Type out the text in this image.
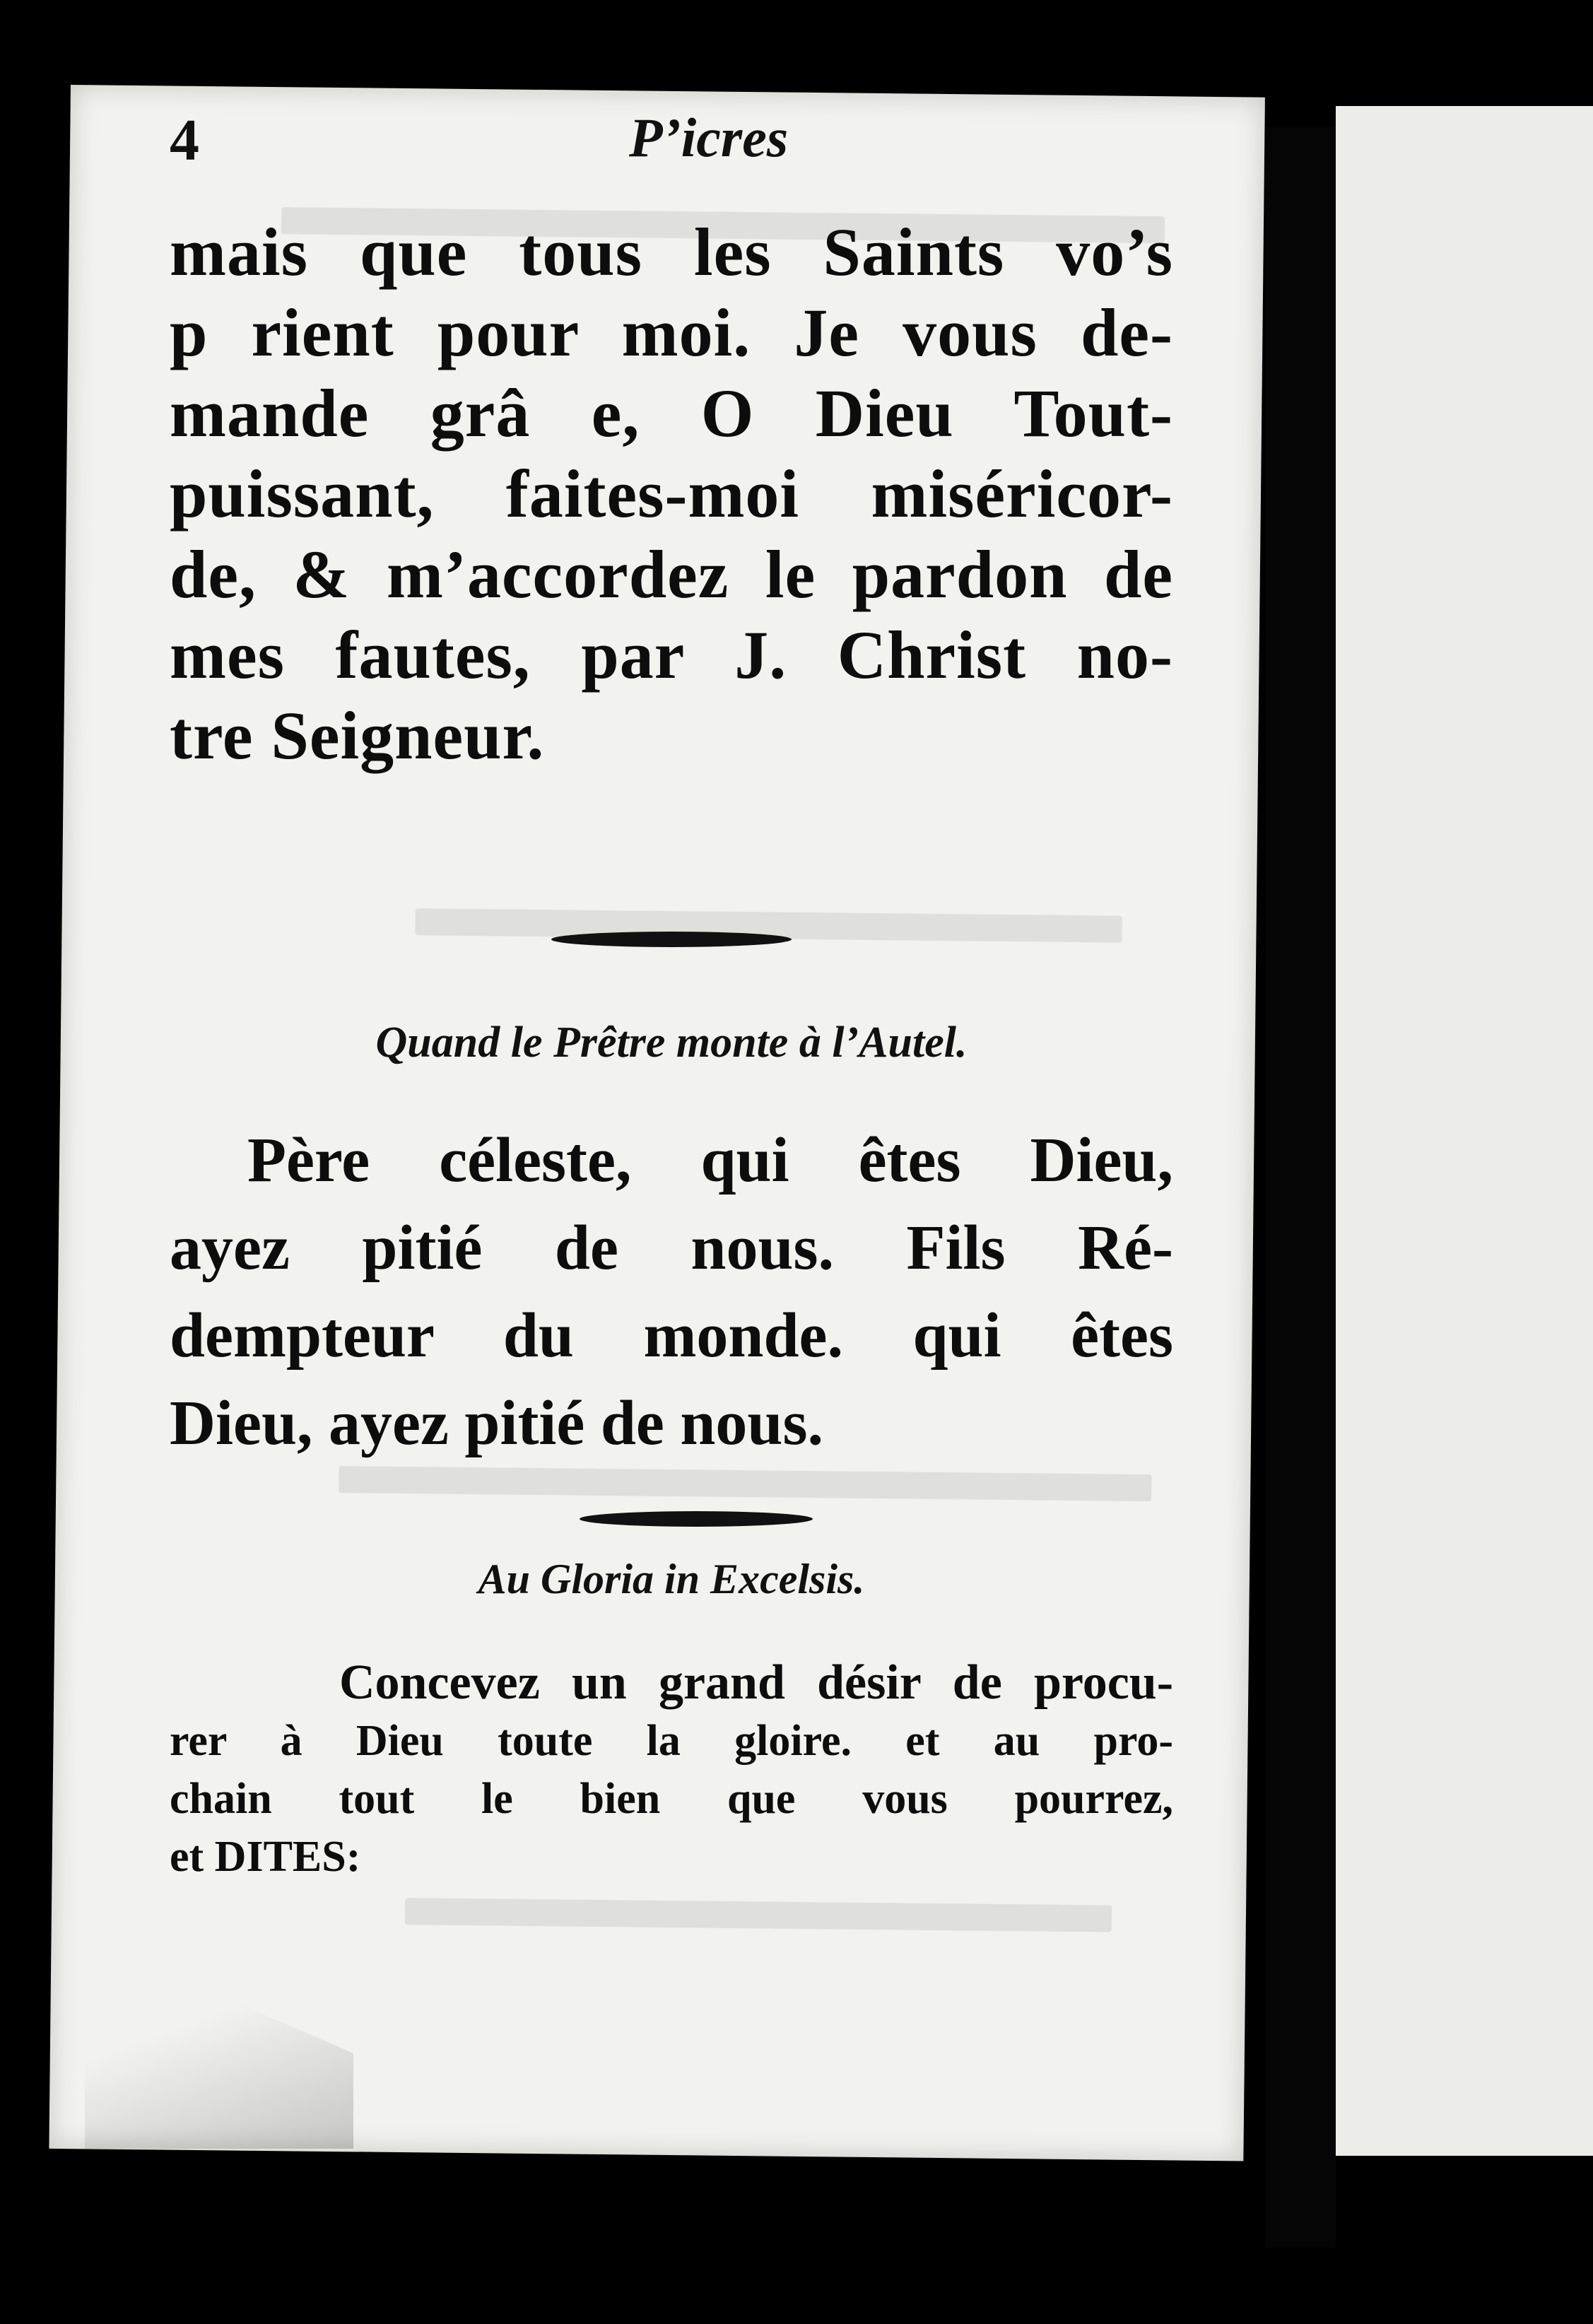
4	P’icres
mais que tous les Saints vo’s
p rient pour moi. Je vous de-
mande grâ e, O Dieu Tout-
puissant, faites-moi miséricor-
de, & m’accordez le pardon de
mes fautes, par J. Christ no-
tre Seigneur.
Quand le Prêtre monte à l’Autel.
Père céleste, qui êtes Dieu,
ayez pitié de nous. Fils Ré-
dempteur du monde. qui êtes
Dieu, ayez pitié de nous.
Au Gloria in Excelsis.
Concevez un grand désir de procu-
rer à Dieu toute la gloire. et au pro-
chain tout le bien que vous pourrez,
et DITES:
